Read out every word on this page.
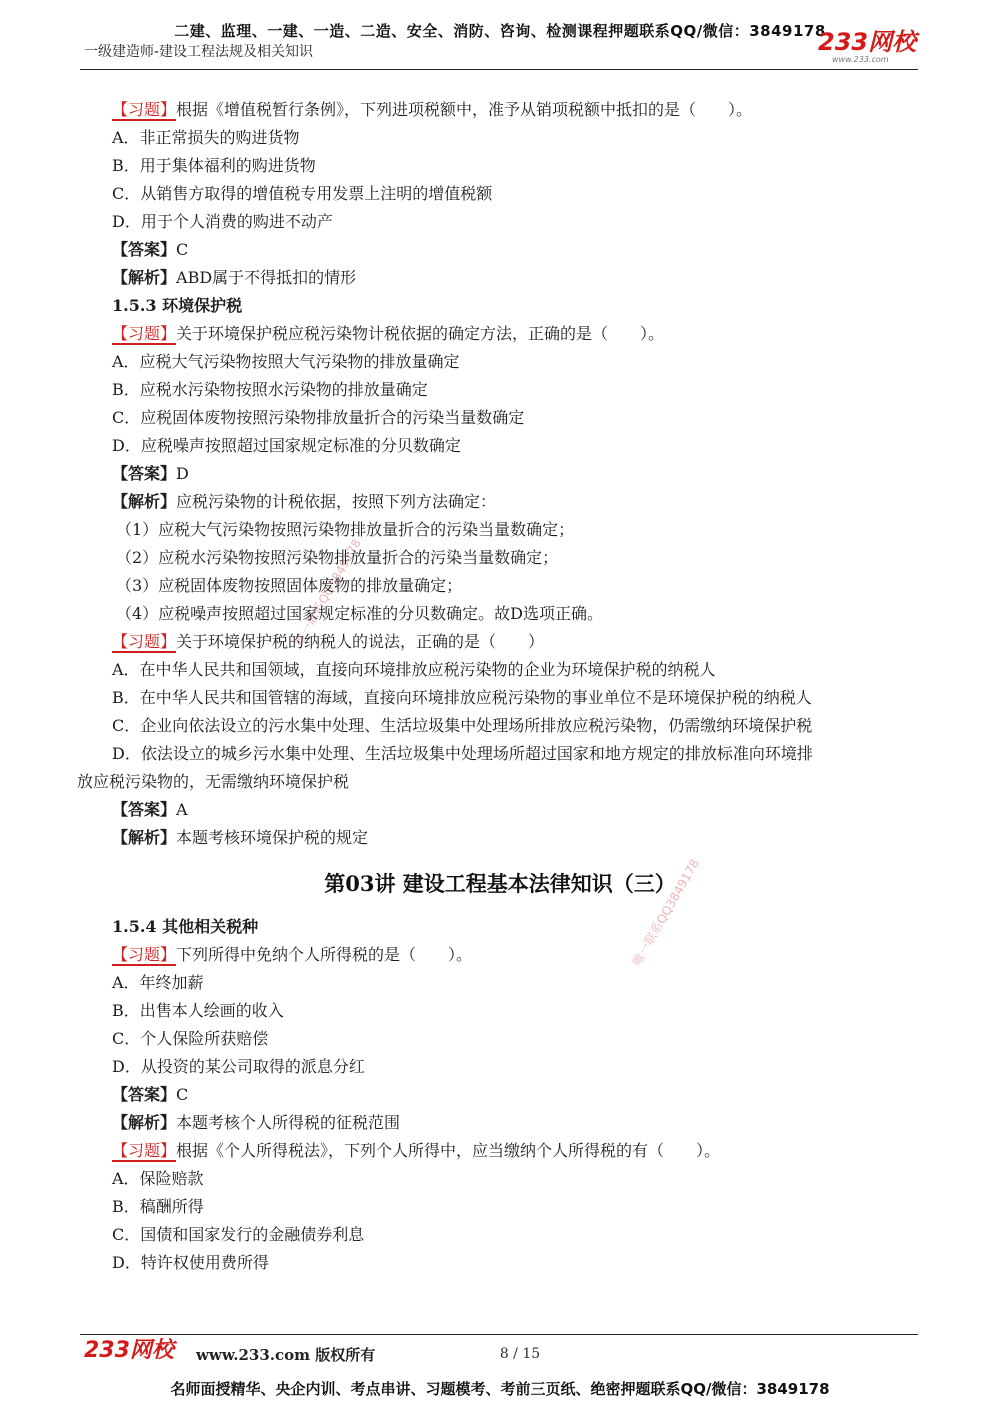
二建、监理、一建、一造、二造、安全、消防、咨询、检测课程押题联系QQ/微信：3849178
一级建造师-建设工程法规及相关知识	233网校
www.233.com
唯一联系QQ3849178
唯一联系QQ3849178
【习题】根据《增值税暂行条例》，下列进项税额中，准予从销项税额中抵扣的是（　　）。
A．非正常损失的购进货物
B．用于集体福利的购进货物
C．从销售方取得的增值税专用发票上注明的增值税额
D．用于个人消费的购进不动产
【答案】C
【解析】ABD属于不得抵扣的情形
1.5.3 环境保护税
【习题】关于环境保护税应税污染物计税依据的确定方法，正确的是（　　）。
A．应税大气污染物按照大气污染物的排放量确定
B．应税水污染物按照水污染物的排放量确定
C．应税固体废物按照污染物排放量折合的污染当量数确定
D．应税噪声按照超过国家规定标准的分贝数确定
【答案】D
【解析】应税污染物的计税依据，按照下列方法确定：
（1）应税大气污染物按照污染物排放量折合的污染当量数确定；
（2）应税水污染物按照污染物排放量折合的污染当量数确定；
（3）应税固体废物按照固体废物的排放量确定；
（4）应税噪声按照超过国家规定标准的分贝数确定。故D选项正确。
【习题】关于环境保护税的纳税人的说法，正确的是（　　）
A．在中华人民共和国领域，直接向环境排放应税污染物的企业为环境保护税的纳税人
B．在中华人民共和国管辖的海域，直接向环境排放应税污染物的事业单位不是环境保护税的纳税人
C．企业向依法设立的污水集中处理、生活垃圾集中处理场所排放应税污染物，仍需缴纳环境保护税
D．依法设立的城乡污水集中处理、生活垃圾集中处理场所超过国家和地方规定的排放标准向环境排
放应税污染物的，无需缴纳环境保护税
【答案】A
【解析】本题考核环境保护税的规定
第03讲 建设工程基本法律知识（三）
1.5.4 其他相关税种
【习题】下列所得中免纳个人所得税的是（　　）。
A．年终加薪
B．出售本人绘画的收入
C．个人保险所获赔偿
D．从投资的某公司取得的派息分红
【答案】C
【解析】本题考核个人所得税的征税范围
【习题】根据《个人所得税法》，下列个人所得中，应当缴纳个人所得税的有（　　）。
A．保险赔款
B．稿酬所得
C．国债和国家发行的金融债券利息
D．特许权使用费所得
233网校 www.233.com 版权所有	8 / 15
名师面授精华、央企内训、考点串讲、习题模考、考前三页纸、绝密押题联系QQ/微信：3849178
